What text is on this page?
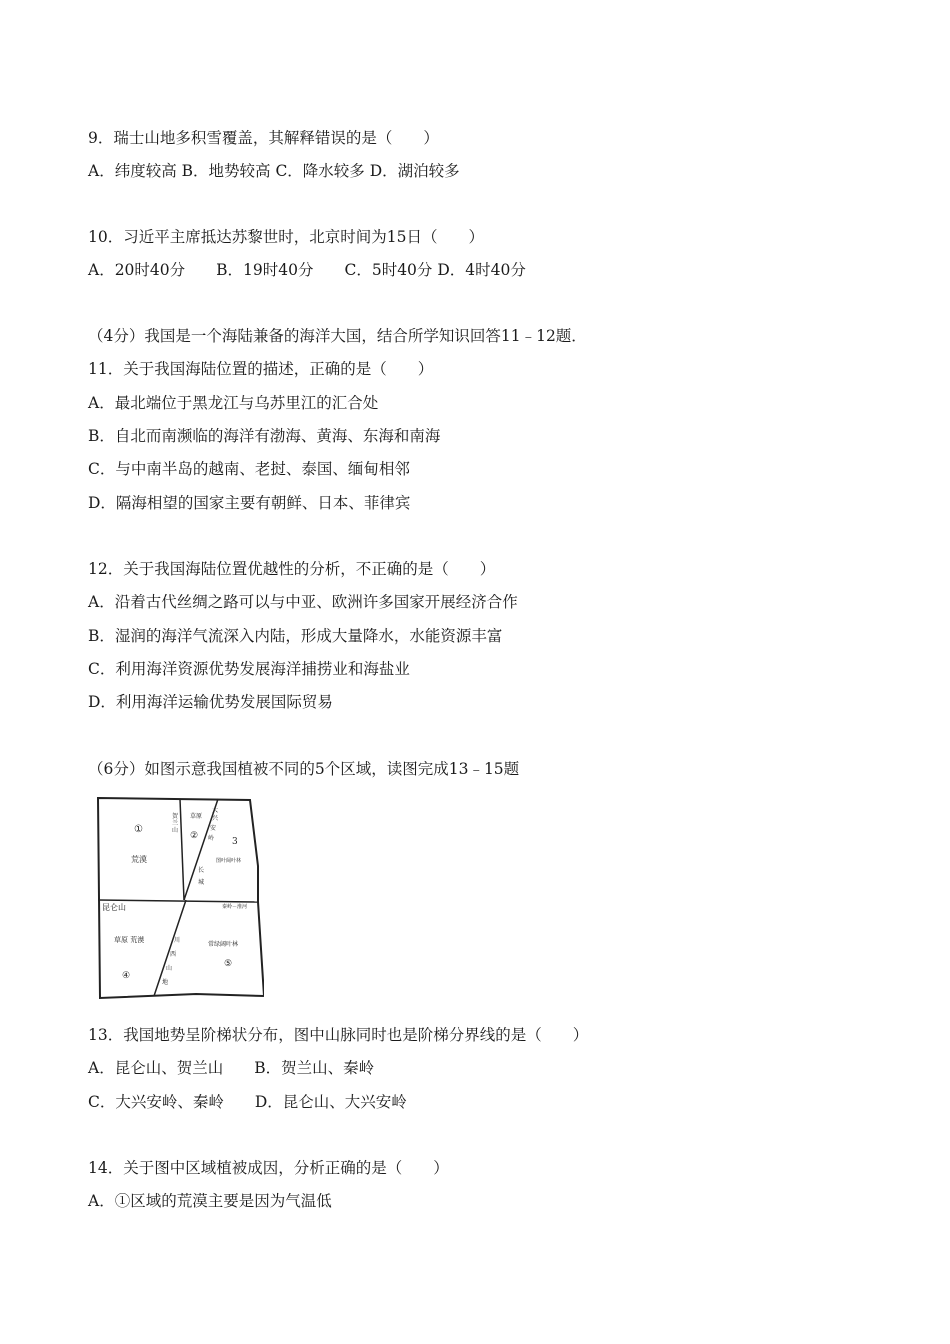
9．瑞士山地多积雪覆盖，其解释错误的是（　　）
A．纬度较高 B．地势较高 C．降水较多 D．湖泊较多
10．习近平主席抵达苏黎世时，北京时间为15日（　　）
A．20时40分　　B．19时40分　　C．5时40分 D．4时40分
（4分）我国是一个海陆兼备的海洋大国，结合所学知识回答11﹣12题．
11．关于我国海陆位置的描述，正确的是（　　）
A．最北端位于黑龙江与乌苏里江的汇合处
B．自北而南濒临的海洋有渤海、黄海、东海和南海
C．与中南半岛的越南、老挝、泰国、缅甸相邻
D．隔海相望的国家主要有朝鲜、日本、菲律宾
12．关于我国海陆位置优越性的分析，不正确的是（　　）
A．沿着古代丝绸之路可以与中亚、欧洲许多国家开展经济合作
B．湿润的海洋气流深入内陆，形成大量降水，水能资源丰富
C．利用海洋资源优势发展海洋捕捞业和海盐业
D．利用海洋运输优势发展国际贸易
（6分）如图示意我国植被不同的5个区域，读图完成13﹣15题
①
荒漠
贺
兰
山
草原
②
大
兴
安
岭 3
图叶阔叶林
长
城
秦岭－淮河
昆仑山
草原 荒漠
④
川
西
山
地
常绿阔叶林
⑤
13．我国地势呈阶梯状分布，图中山脉同时也是阶梯分界线的是（　　）
A．昆仑山、贺兰山　　B．贺兰山、秦岭
C．大兴安岭、秦岭　　D．昆仑山、大兴安岭
14．关于图中区域植被成因，分析正确的是（　　）
A．①区域的荒漠主要是因为气温低
